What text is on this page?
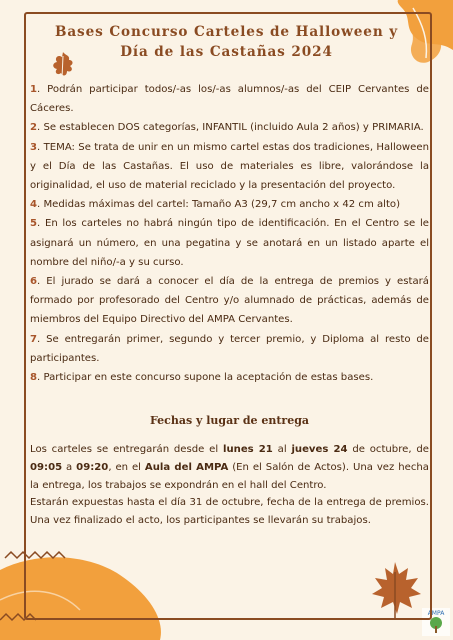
AMPA
Bases Concurso Carteles de Halloween y
Día de las Castañas 2024

1. Podrán participar todos/-as los/-as alumnos/-as del CEIP Cervantes de Cáceres.

2. Se establecen DOS categorías, INFANTIL (incluido Aula 2 años) y PRIMARIA.

3. TEMA: Se trata de unir en un mismo cartel estas dos tradiciones, Halloween y el Día de las Castañas. El uso de materiales es libre, valorándose la originalidad, el uso de material reciclado y la presentación del proyecto.

4. Medidas máximas del cartel: Tamaño A3 (29,7 cm ancho x 42 cm alto)

5. En los carteles no habrá ningún tipo de identificación. En el Centro se le asignará un número, en una pegatina y se anotará en un listado aparte el nombre del niño/-a y su curso.

6. El jurado se dará a conocer el día de la entrega de premios y estará formado por profesorado del Centro y/o alumnado de prácticas, además de miembros del Equipo Directivo del AMPA Cervantes.

7. Se entregarán primer, segundo y tercer premio, y Diploma al resto de participantes.

8. Participar en este concurso supone la aceptación de estas bases.

Fechas y lugar de entrega

Los carteles se entregarán desde el lunes 21 al jueves 24 de octubre, de 09:05 a 09:20, en el Aula del AMPA (En el Salón de Actos). Una vez hecha la entrega, los trabajos se expondrán en el hall del Centro.

Estarán expuestas hasta el día 31 de octubre, fecha de la entrega de premios. Una vez finalizado el acto, los participantes se llevarán su trabajos.
